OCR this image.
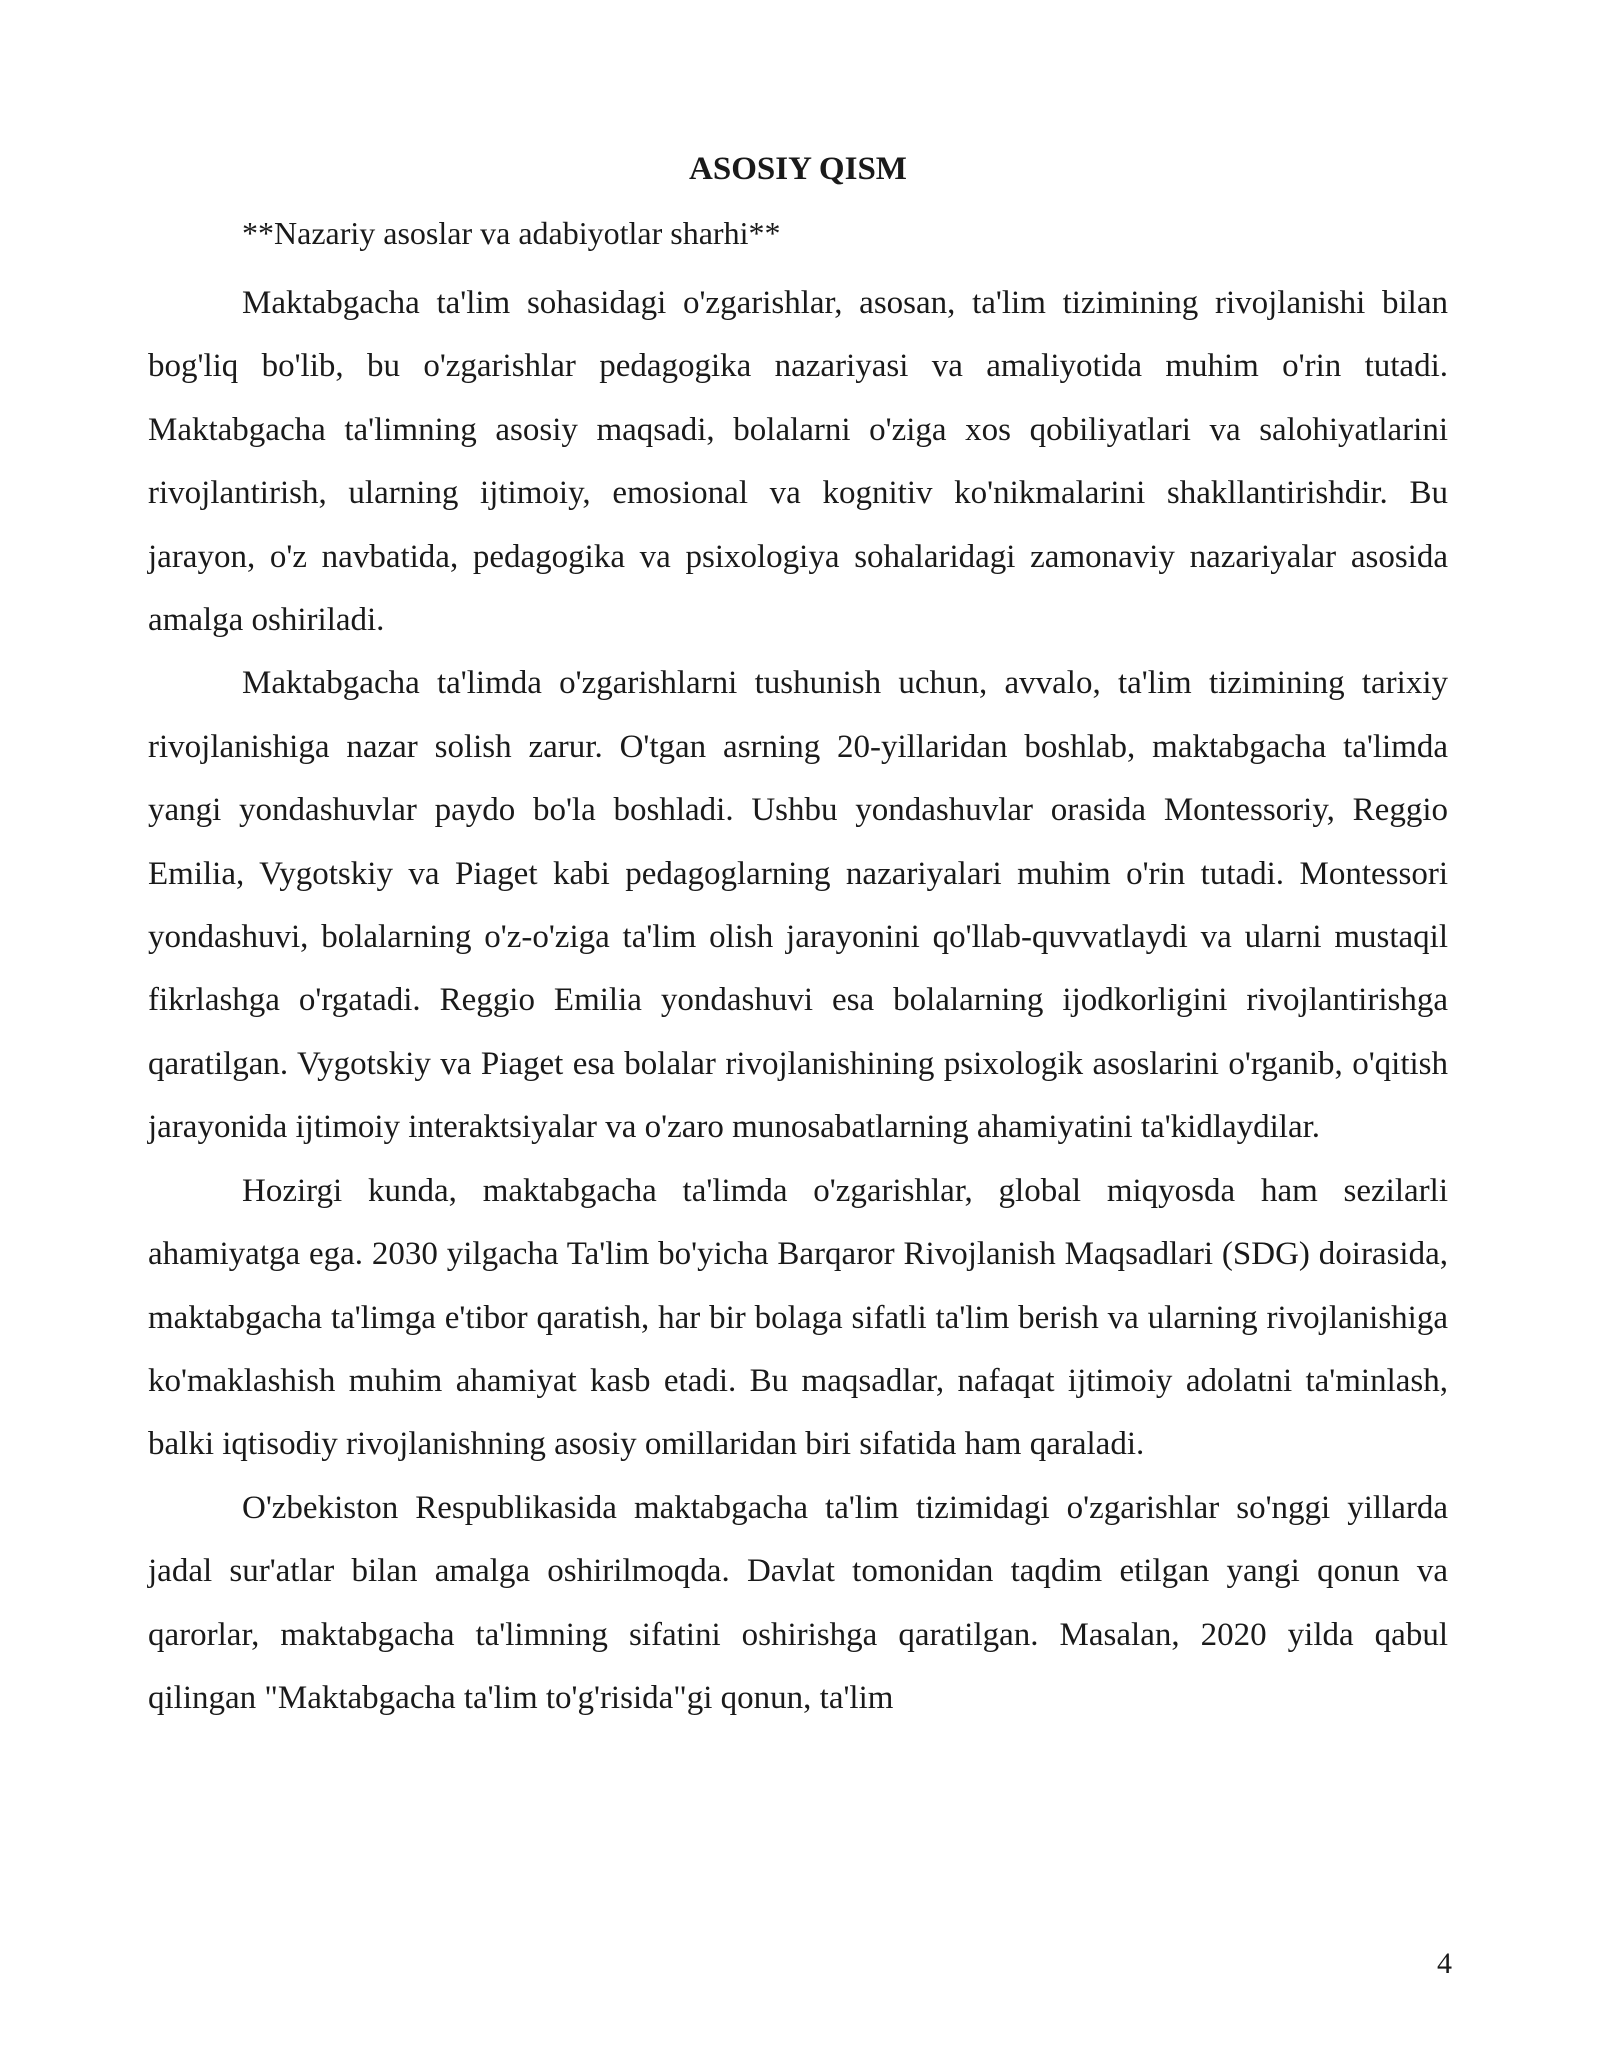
ASOSIY QISM

**Nazariy asoslar va adabiyotlar sharhi**

Maktabgacha ta'lim sohasidagi o'zgarishlar, asosan, ta'lim tizimining rivojlanishi bilan bog'liq bo'lib, bu o'zgarishlar pedagogika nazariyasi va amaliyotida muhim o'rin tutadi. Maktabgacha ta'limning asosiy maqsadi, bolalarni o'ziga xos qobiliyatlari va salohiyatlarini rivojlantirish, ularning ijtimoiy, emosional va kognitiv ko'nikmalarini shakllantirishdir. Bu jarayon, o'z navbatida, pedagogika va psixologiya sohalaridagi zamonaviy nazariyalar asosida amalga oshiriladi.

Maktabgacha ta'limda o'zgarishlarni tushunish uchun, avvalo, ta'lim tizimining tarixiy rivojlanishiga nazar solish zarur. O'tgan asrning 20-yillaridan boshlab, maktabgacha ta'limda yangi yondashuvlar paydo bo'la boshladi. Ushbu yondashuvlar orasida Montessoriy, Reggio Emilia, Vygotskiy va Piaget kabi pedagoglarning nazariyalari muhim o'rin tutadi. Montessori yondashuvi, bolalarning o'z-o'ziga ta'lim olish jarayonini qo'llab-quvvatlaydi va ularni mustaqil fikrlashga o'rgatadi. Reggio Emilia yondashuvi esa bolalarning ijodkorligini rivojlantirishga qaratilgan. Vygotskiy va Piaget esa bolalar rivojlanishining psixologik asoslarini o'rganib, o'qitish jarayonida ijtimoiy interaktsiyalar va o'zaro munosabatlarning ahamiyatini ta'kidlaydilar.

Hozirgi kunda, maktabgacha ta'limda o'zgarishlar, global miqyosda ham sezilarli ahamiyatga ega. 2030 yilgacha Ta'lim bo'yicha Barqaror Rivojlanish Maqsadlari (SDG) doirasida, maktabgacha ta'limga e'tibor qaratish, har bir bolaga sifatli ta'lim berish va ularning rivojlanishiga ko'maklashish muhim ahamiyat kasb etadi. Bu maqsadlar, nafaqat ijtimoiy adolatni ta'minlash, balki iqtisodiy rivojlanishning asosiy omillaridan biri sifatida ham qaraladi.

O'zbekiston Respublikasida maktabgacha ta'lim tizimidagi o'zgarishlar so'nggi yillarda jadal sur'atlar bilan amalga oshirilmoqda. Davlat tomonidan taqdim etilgan yangi qonun va qarorlar, maktabgacha ta'limning sifatini oshirishga qaratilgan. Masalan, 2020 yilda qabul qilingan "Maktabgacha ta'lim to'g'risida"gi qonun, ta'lim

4
